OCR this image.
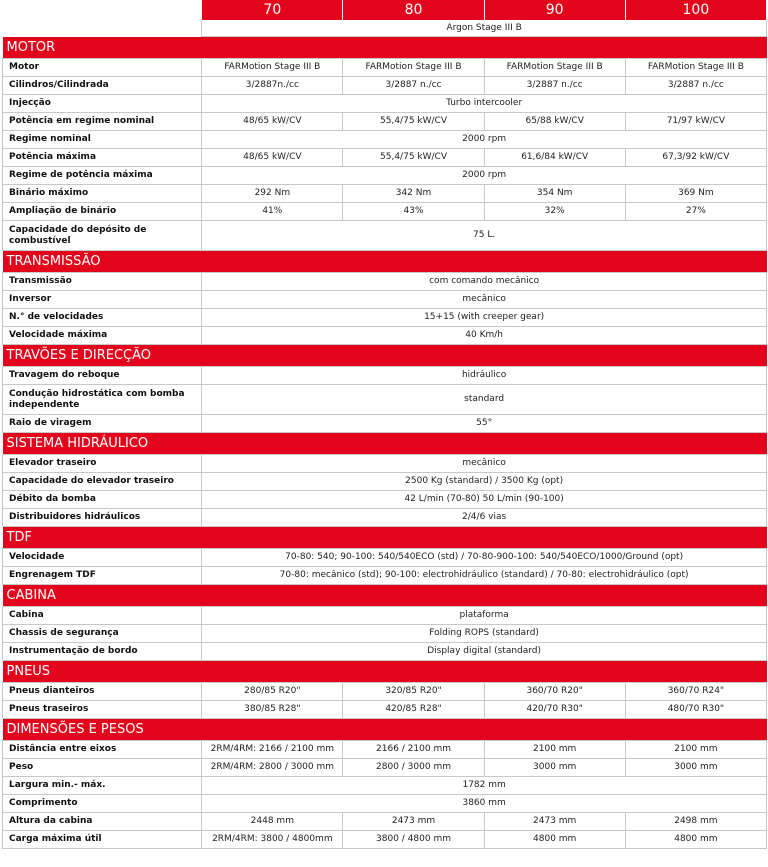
	70	80	90	100
	Argon Stage III B			
MOTOR				
Motor	FARMotion Stage III B	FARMotion Stage III B	FARMotion Stage III B	FARMotion Stage III B
Cilindros/Cilindrada	3/2887n./cc	3/2887 n./cc	3/2887 n./cc	3/2887 n./cc
Injecção	Turbo intercooler			
Potência em regime nominal	48/65 kW/CV	55,4/75 kW/CV	65/88 kW/CV	71/97 kW/CV
Regime nominal	2000 rpm			
Potência máxima	48/65 kW/CV	55,4/75 kW/CV	61,6/84 kW/CV	67,3/92 kW/CV
Regime de potência máxima	2000 rpm			
Binário máximo	292 Nm	342 Nm	354 Nm	369 Nm
Ampliação de binário	41%	43%	32%	27%
Capacidade do depósito de combustível	75 L.			
TRANSMISSÃO				
Transmissão	com comando mecânico			
Inversor	mecânico			
N.° de velocidades	15+15 (with creeper gear)			
Velocidade máxima	40 Km/h			
TRAVÕES E DIRECÇÃO				
Travagem do reboque	hidráulico			
Condução hidrostática com bomba independente	standard			
Raio de viragem	55°			
SISTEMA HIDRÁULICO				
Elevador traseiro	mecânico			
Capacidade do elevador traseiro	2500 Kg (standard) / 3500 Kg (opt)			
Débito da bomba	42 L/min (70-80) 50 L/min (90-100)			
Distribuidores hidráulicos	2/4/6 vias			
TDF				
Velocidade	70-80: 540; 90-100: 540/540ECO (std) / 70-80-900-100: 540/540ECO/1000/Ground (opt)			
Engrenagem TDF	70-80: mecânico (std); 90-100: electrohidráulico (standard) / 70-80: electrohidráulico (opt)			
CABINA				
Cabina	plataforma			
Chassis de segurança	Folding ROPS (standard)			
Instrumentação de bordo	Display digital (standard)			
PNEUS				
Pneus dianteiros	280/85 R20"	320/85 R20"	360/70 R20"	360/70 R24"
Pneus traseiros	380/85 R28"	420/85 R28"	420/70 R30"	480/70 R30"
DIMENSÕES E PESOS				
Distância entre eixos	2RM/4RM: 2166 / 2100 mm	2166 / 2100 mm	2100 mm	2100 mm
Peso	2RM/4RM: 2800 / 3000 mm	2800 / 3000 mm	3000 mm	3000 mm
Largura min.- máx.	1782 mm			
Comprimento	3860 mm			
Altura da cabina	2448 mm	2473 mm	2473 mm	2498 mm
Carga máxima útil	2RM/4RM: 3800 / 4800mm	3800 / 4800 mm	4800 mm	4800 mm
